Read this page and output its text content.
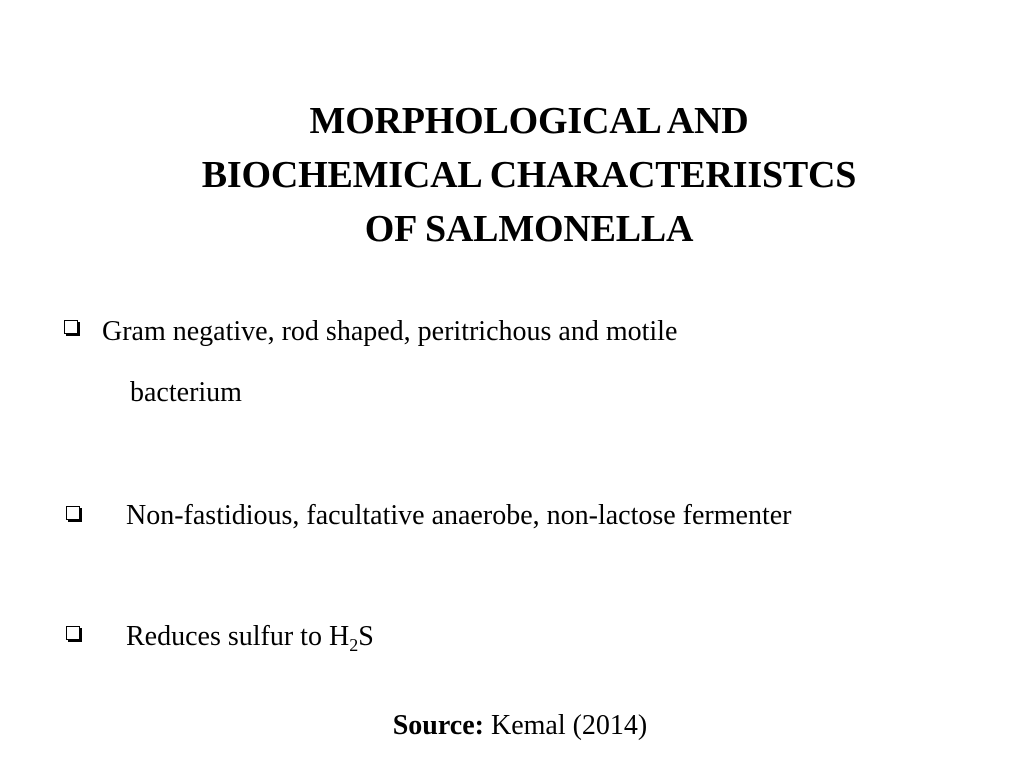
MORPHOLOGICAL AND
BIOCHEMICAL CHARACTERIISTCS
OF SALMONELLA
Gram negative, rod shaped, peritrichous and motile
bacterium
Non-fastidious, facultative anaerobe, non-lactose fermenter
Reduces sulfur to $H_2S$
Source: Kemal (2014)
